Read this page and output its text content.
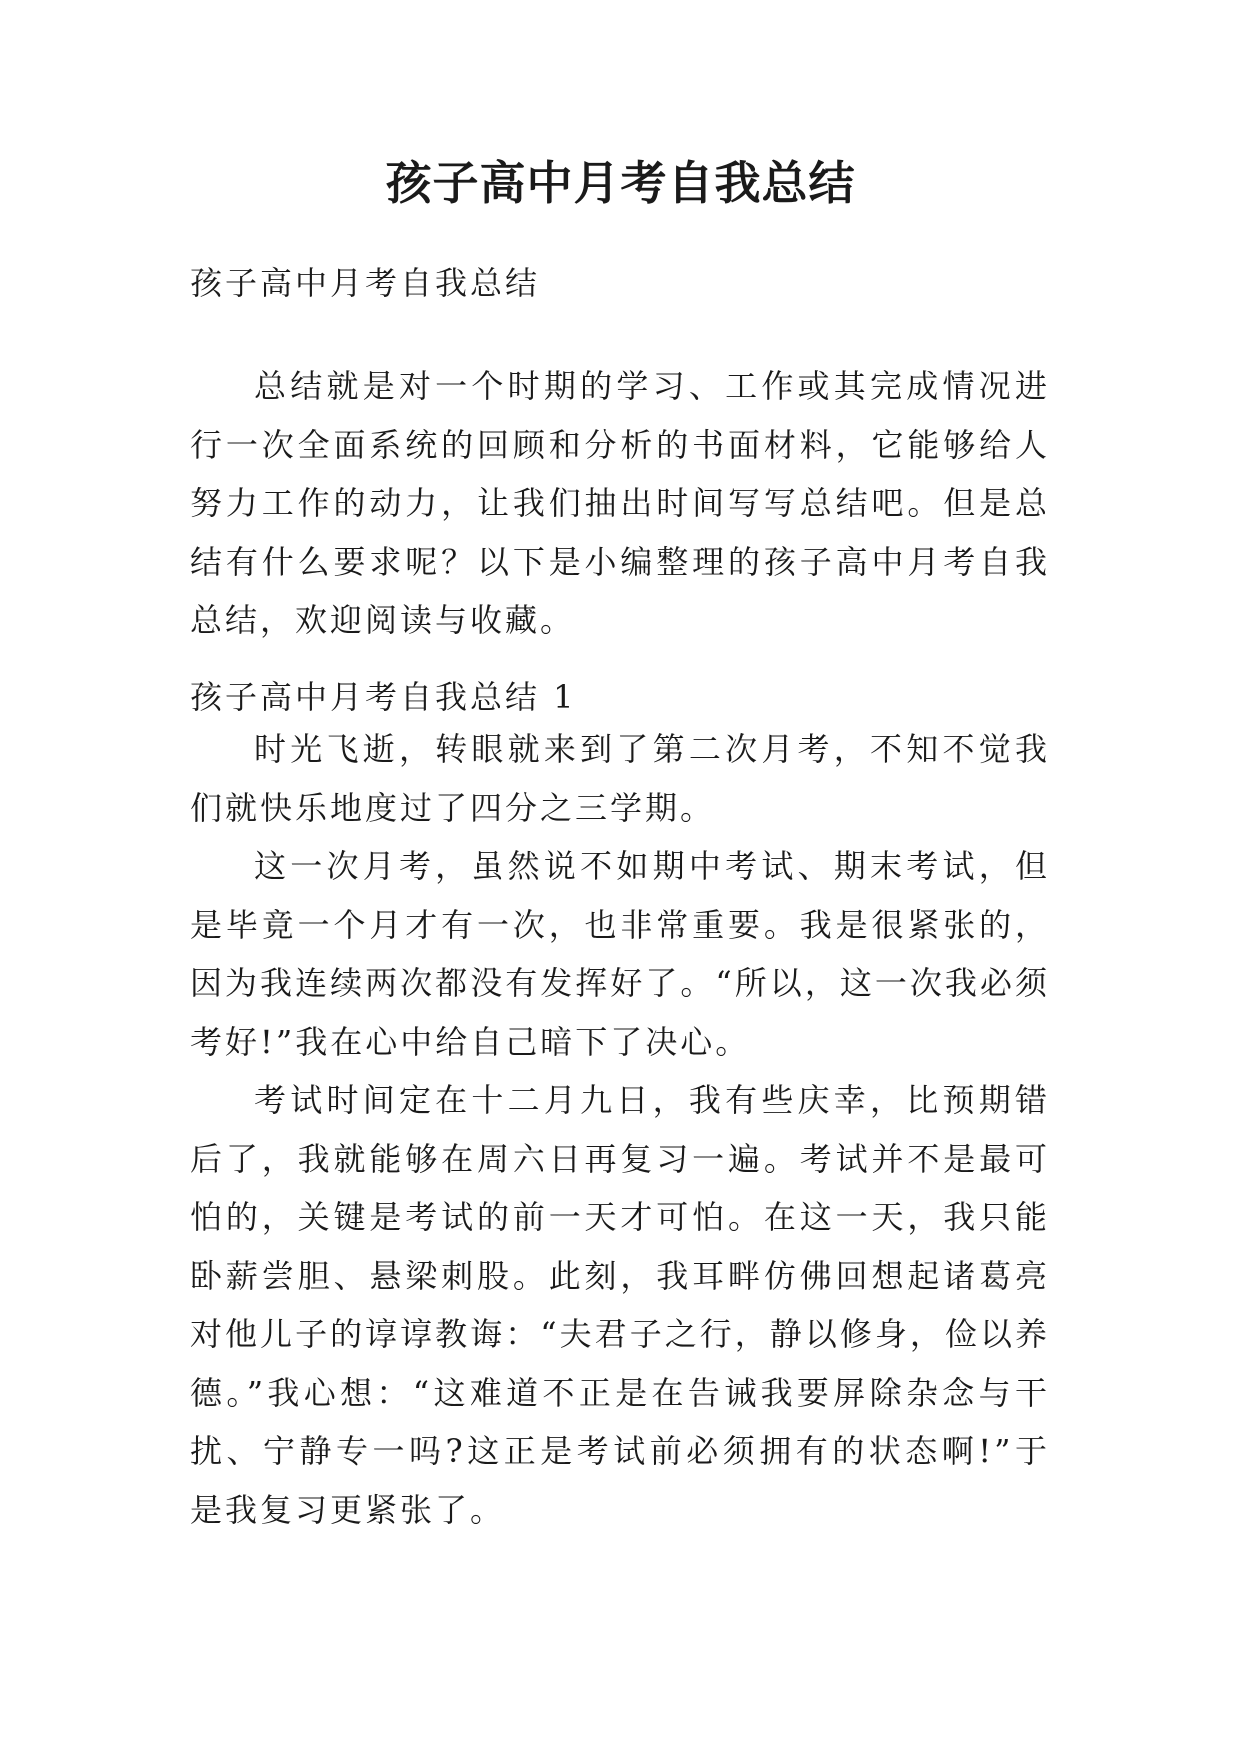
孩子高中月考自我总结

孩子高中月考自我总结

总结就是对一个时期的学习、工作或其完成情况进行一次全面系统的回顾和分析的书面材料，它能够给人努力工作的动力，让我们抽出时间写写总结吧。但是总结有什么要求呢？以下是小编整理的孩子高中月考自我总结，欢迎阅读与收藏。

孩子高中月考自我总结 1

时光飞逝，转眼就来到了第二次月考，不知不觉我们就快乐地度过了四分之三学期。

这一次月考，虽然说不如期中考试、期末考试，但是毕竟一个月才有一次，也非常重要。我是很紧张的，因为我连续两次都没有发挥好了。“所以，这一次我必须考好!”我在心中给自己暗下了决心。

考试时间定在十二月九日，我有些庆幸，比预期错后了，我就能够在周六日再复习一遍。考试并不是最可怕的，关键是考试的前一天才可怕。在这一天，我只能卧薪尝胆、悬梁刺股。此刻，我耳畔仿佛回想起诸葛亮对他儿子的谆谆教诲：“夫君子之行，静以修身，俭以养德。”我心想：“这难道不正是在告诫我要屏除杂念与干扰、宁静专一吗?这正是考试前必须拥有的状态啊!”于是我复习更紧张了。
